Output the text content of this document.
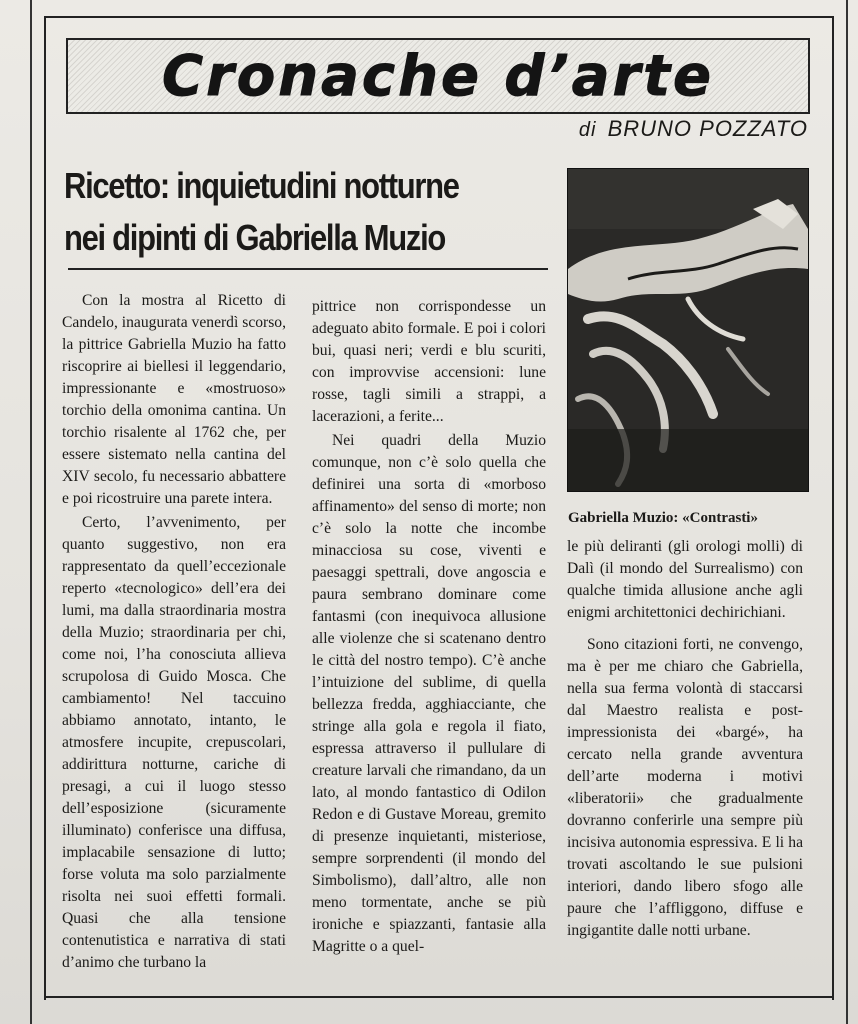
Cronache d’arte
di BRUNO POZZATO
Ricetto: inquietudini notturne
nei dipinti di Gabriella Muzio
Gabriella Muzio: «Contrasti»

Con la mostra al Ricetto di Candelo, inaugurata venerdì scorso, la pittrice Gabriella Muzio ha fatto riscoprire ai biellesi il leggendario, impressionante e «mostruoso» torchio della omonima cantina. Un torchio risalente al 1762 che, per essere sistemato nella cantina del XIV secolo, fu necessario abbattere e poi ricostruire una parete intera.

Certo, l’avvenimento, per quanto suggestivo, non era rappresentato da quell’eccezionale reperto «tecnologico» dell’era dei lumi, ma dalla straordinaria mostra della Muzio; straordinaria per chi, come noi, l’ha conosciuta allieva scrupolosa di Guido Mosca. Che cambiamento! Nel taccuino abbiamo annotato, intanto, le atmosfere incupite, crepuscolari, addirittura notturne, cariche di presagi, a cui il luogo stesso dell’esposizione (sicuramente illuminato) conferisce una diffusa, implacabile sensazione di lutto; forse voluta ma solo parzialmente risolta nei suoi effetti formali. Quasi che alla tensione contenutistica e narrativa di stati d’animo che turbano la

pittrice non corrispondesse un adeguato abito formale. E poi i colori bui, quasi neri; verdi e blu scuriti, con improvvise accensioni: lune rosse, tagli simili a strappi, a lacerazioni, a ferite...

Nei quadri della Muzio comunque, non c’è solo quella che definirei una sorta di «morboso affinamento» del senso di morte; non c’è solo la notte che incombe minacciosa su cose, viventi e paesaggi spettrali, dove angoscia e paura sembrano dominare come fantasmi (con inequivoca allusione alle violenze che si scatenano dentro le città del nostro tempo). C’è anche l’intuizione del sublime, di quella bellezza fredda, agghiacciante, che stringe alla gola e regola il fiato, espressa attraverso il pullulare di creature larvali che rimandano, da un lato, al mondo fantastico di Odilon Redon e di Gustave Moreau, gremito di presenze inquietanti, misteriose, sempre sorprendenti (il mondo del Simbolismo), dall’altro, alle non meno tormentate, anche se più ironiche e spiazzanti, fantasie alla Magritte o a quel-

le più deliranti (gli orologi molli) di Dalì (il mondo del Surrealismo) con qualche timida allusione anche agli enigmi architettonici dechirichiani.

Sono citazioni forti, ne convengo, ma è per me chiaro che Gabriella, nella sua ferma volontà di staccarsi dal Maestro realista e post-impressionista dei «bargé», ha cercato nella grande avventura dell’arte moderna i motivi «liberatorii» che gradualmente dovranno conferirle una sempre più incisiva autonomia espressiva. E li ha trovati ascoltando le sue pulsioni interiori, dando libero sfogo alle paure che l’affliggono, diffuse e ingigantite dalle notti urbane.
